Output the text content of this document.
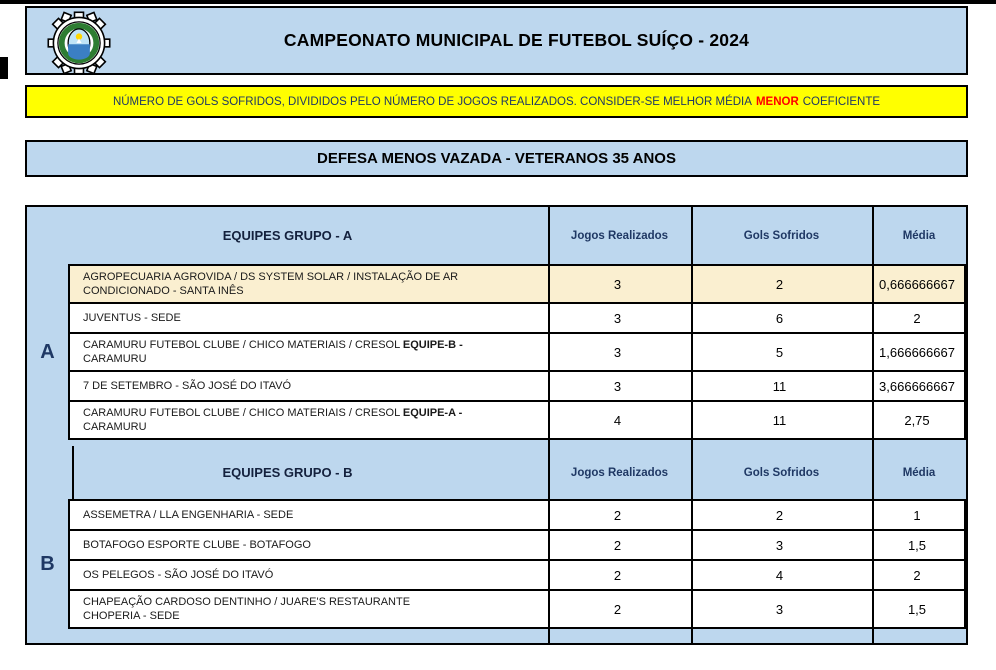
CAMPEONATO MUNICIPAL DE FUTEBOL SUÍÇO - 2024
NÚMERO DE GOLS SOFRIDOS, DIVIDIDOS PELO NÚMERO DE JOGOS REALIZADOS. CONSIDER-SE MELHOR MÉDIA MENOR COEFICIENTE
DEFESA MENOS VAZADA - VETERANOS 35 ANOS
EQUIPES GRUPO - A	Jogos Realizados	Gols Sofridos	Média
A
AGROPECUARIA AGROVIDA / DS SYSTEM SOLAR / INSTALAÇÃO DE AR
CONDICIONADO - SANTA INÊS	3	2	0,666666667
JUVENTUS - SEDE	3	6	2
CARAMURU FUTEBOL CLUBE / CHICO MATERIAIS / CRESOL EQUIPE-B -
CARAMURU	3	5	1,666666667
7 DE SETEMBRO - SÃO JOSÉ DO ITAVÓ	3	11	3,666666667
CARAMURU FUTEBOL CLUBE / CHICO MATERIAIS / CRESOL EQUIPE-A -
CARAMURU	4	11	2,75
EQUIPES GRUPO - B	Jogos Realizados	Gols Sofridos	Média
B
ASSEMETRA / LLA ENGENHARIA - SEDE	2	2	1
BOTAFOGO ESPORTE CLUBE - BOTAFOGO	2	3	1,5
OS PELEGOS - SÃO JOSÉ DO ITAVÓ	2	4	2
CHAPEAÇÃO CARDOSO DENTINHO / JUARE'S RESTAURANTE
CHOPERIA - SEDE	2	3	1,5
